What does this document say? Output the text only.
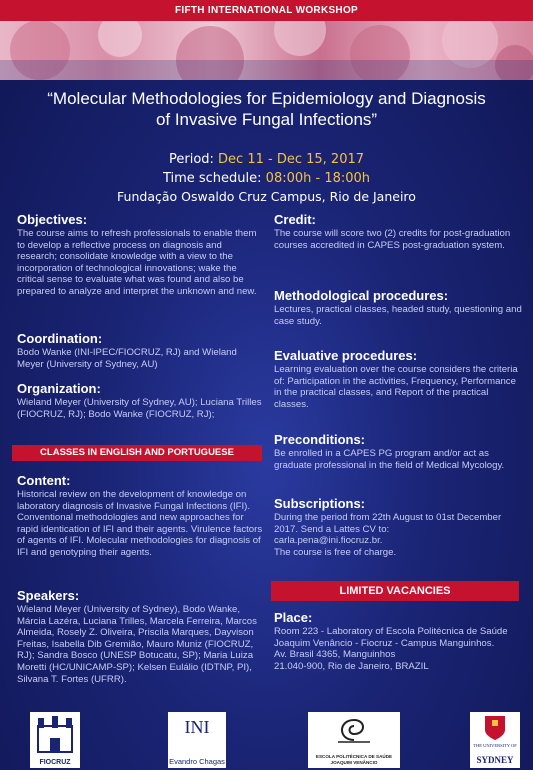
FIFTH INTERNATIONAL WORKSHOP
“Molecular Methodologies for Epidemiology and Diagnosis
of Invasive Fungal Infections”
Period: Dec 11 - Dec 15, 2017
Time schedule: 08:00h - 18:00h
Fundação Oswaldo Cruz Campus, Rio de Janeiro
Objectives:

The course aims to refresh professionals to enable them to develop a reflective process on diagnosis and research; consolidate knowledge with a view to the incorporation of technological innovations; wake the critical sense to evaluate what was found and also be prepared to analyze and interpret the unknown and new.

Coordination:

Bodo Wanke (INI-IPEC/FIOCRUZ, RJ) and Wieland Meyer (University of Sydney, AU)

Organization:

Wieland Meyer (University of Sydney, AU); Luciana Trilles (FIOCRUZ, RJ); Bodo Wanke (FIOCRUZ, RJ);

Content:

Historical review on the development of knowledge on laboratory diagnosis of Invasive Fungal Infections (IFI). Conventional methodologies and new approaches for rapid identication of IFI and their agents. Virulence factors of agents of IFI. Molecular methodologies for diagnosis of IFI and genotyping their agents.

Speakers:

Wieland Meyer (University of Sydney), Bodo Wanke, Márcia Lazéra, Luciana Trilles, Marcela Ferreira, Marcos Almeida, Rosely Z. Oliveira, Priscila Marques, Dayvison Freitas, Isabella Dib Gremião, Mauro Muniz (FIOCRUZ, RJ); Sandra Bosco (UNESP Botucatu, SP); Maria Luiza Moretti (HC/UNICAMP-SP); Kelsen Eulálio (IDTNP, PI), Silvana T. Fortes (UFRR).

CLASSES IN ENGLISH AND PORTUGUESE
Credit:

The course will score two (2) credits for post-graduation courses accredited in CAPES post-graduation system.

Methodological procedures:

Lectures, practical classes, headed study, questioning and case study.

Evaluative procedures:

Learning evaluation over the course considers the criteria of: Participation in the activities, Frequency, Performance in the practical classes, and Report of the practical classes.

Preconditions:

Be enrolled in a CAPES PG program and/or act as graduate professional in the field of Medical Mycology.

Subscriptions:

During the period from 22th August to 01st December 2017. Send a Lattes CV to:

carla.pena@ini.fiocruz.br.

The course is free of charge.

Place:

Room 223 - Laboratory of Escola Politécnica de Saúde Joaquim Venâncio - Fiocruz - Campus Manguinhos.

Av. Brasil 4365, Manguinhos

21.040-900, Rio de Janeiro, BRAZIL

LIMITED VACANCIES
FIOCRUZ
INI
Evandro Chagas
ESCOLA POLITÉCNICA DE SAÚDE JOAQUIM VENÂNCIO
THE UNIVERSITY OF
SYDNEY
